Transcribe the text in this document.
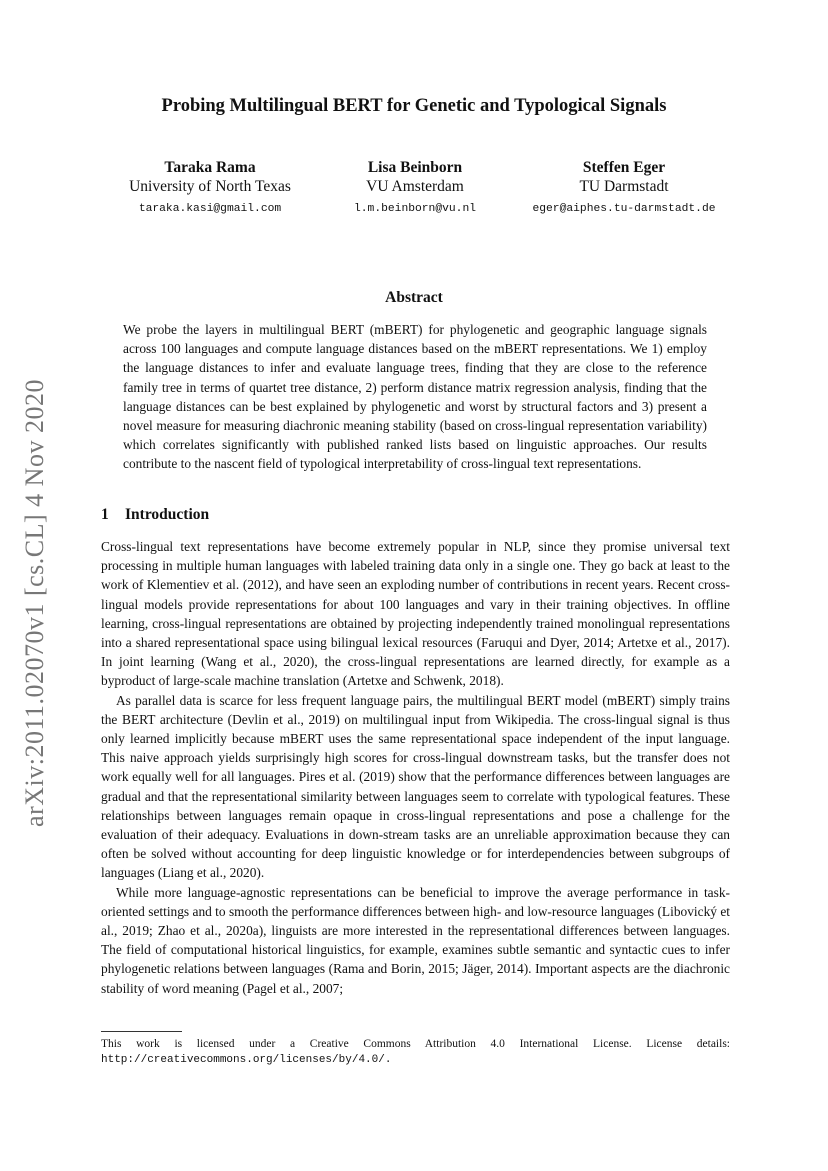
arXiv:2011.02070v1 [cs.CL] 4 Nov 2020
Probing Multilingual BERT for Genetic and Typological Signals
Taraka Rama
University of North Texas
taraka.kasi@gmail.com
Lisa Beinborn
VU Amsterdam
l.m.beinborn@vu.nl
Steffen Eger
TU Darmstadt
eger@aiphes.tu-darmstadt.de
Abstract
We probe the layers in multilingual BERT (mBERT) for phylogenetic and geographic language signals across 100 languages and compute language distances based on the mBERT representations. We 1) employ the language distances to infer and evaluate language trees, finding that they are close to the reference family tree in terms of quartet tree distance, 2) perform distance matrix regression analysis, finding that the language distances can be best explained by phylogenetic and worst by structural factors and 3) present a novel measure for measuring diachronic meaning stability (based on cross-lingual representation variability) which correlates significantly with published ranked lists based on linguistic approaches. Our results contribute to the nascent field of typological interpretability of cross-lingual text representations.
1 Introduction

Cross-lingual text representations have become extremely popular in NLP, since they promise universal text processing in multiple human languages with labeled training data only in a single one. They go back at least to the work of Klementiev et al. (2012), and have seen an exploding number of contributions in recent years. Recent cross-lingual models provide representations for about 100 languages and vary in their training objectives. In offline learning, cross-lingual representations are obtained by projecting independently trained monolingual representations into a shared representational space using bilingual lexical resources (Faruqui and Dyer, 2014; Artetxe et al., 2017). In joint learning (Wang et al., 2020), the cross-lingual representations are learned directly, for example as a byproduct of large-scale machine translation (Artetxe and Schwenk, 2018).

As parallel data is scarce for less frequent language pairs, the multilingual BERT model (mBERT) simply trains the BERT architecture (Devlin et al., 2019) on multilingual input from Wikipedia. The cross-lingual signal is thus only learned implicitly because mBERT uses the same representational space independent of the input language. This naive approach yields surprisingly high scores for cross-lingual downstream tasks, but the transfer does not work equally well for all languages. Pires et al. (2019) show that the performance differences between languages are gradual and that the representational similarity between languages seem to correlate with typological features. These relationships between languages remain opaque in cross-lingual representations and pose a challenge for the evaluation of their adequacy. Evaluations in down-stream tasks are an unreliable approximation because they can often be solved without accounting for deep linguistic knowledge or for interdependencies between subgroups of languages (Liang et al., 2020).

While more language-agnostic representations can be beneficial to improve the average performance in task-oriented settings and to smooth the performance differences between high- and low-resource languages (Libovický et al., 2019; Zhao et al., 2020a), linguists are more interested in the representational differences between languages. The field of computational historical linguistics, for example, examines subtle semantic and syntactic cues to infer phylogenetic relations between languages (Rama and Borin, 2015; Jäger, 2014). Important aspects are the diachronic stability of word meaning (Pagel et al., 2007;

This work is licensed under a Creative Commons Attribution 4.0 International License. License details: http://creativecommons.org/licenses/by/4.0/.
